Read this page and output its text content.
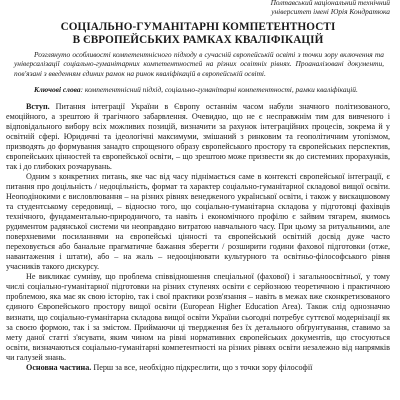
Полтавський національний технічний
університет імені Юрія Кондратюка
СОЦІАЛЬНО-ГУМАНІТАРНІ КОМПЕТЕНТНОСТІ
В ЄВРОПЕЙСЬКИХ РАМКАХ КВАЛІФІКАЦІЙ

Розглянуто особливості компетентнісного підходу в сучасній європейській освіті з точки зору включення та універсалізації соціально-гуманітарних компетентностей на різних освітніх рівнях. Проаналізовані документи, пов'язані з введенням єдиних рамок на ринок кваліфікацій в європейській освіті.

Ключові слова: компетентнісний підхід, соціально-гуманітарні компетентності, рамки кваліфікацій.

Вступ. Питання інтеграції України в Європу останнім часом набули значного політизованого, емоційного, а зрештою й трагічного забарвлення. Очевидно, що не є несправжнім тим для вивченого і відповідального вибору всіх можливих позицій, визначити за рахунок інтеграційних процесів, зокрема й у освітній сфері. Юридичні та ідеологічні максимуми, змішаний з ринковим та геополітичним утопізмом, призводять до формування занадто спрощеного образу європейського простору та європейських перспектив, європейських цінностей та європейської освіти, – що зрештою може призвести як до системних прорахунків, так і до глибоких розчарувань.

Одним з конкретних питань, яке час від часу піднімається саме в контексті європейської інтеграції, є питання про доцільність / недоцільність, формат та характер соціально-гуманітарної складової вищої освіти. Неоподінокими є висловлювання – на різних рівнях венедженого української освіти, і також у вискацшовому та студентському середовищі, – відносно того, що соціально-гуманітарна складова у підготовці фахівців технічного, фундаментально-природничого, та навіть і економічного профілю є зайвим тягарем, якимось рудиментом радянської системи чи неоправдано витратою навчального часу. При цьому за ритуальними, але поверхневими посиланнями на європейські цінності та європейський освітній досвід дуже часто переховується або банальне прагматичне бажання зберегти / розширити години фахової підготовки (отже, навантаження і штати), або – на жаль – недооцінювати культурного та освітньо-філософського рівня учасників такого дискурсу.

Не викликає сумніву, що проблема співвідношення спеціальної (фахової) і загальноосвітньої, у тому числі соціально-гуманітарної підготовки на різних ступенях освіти є серйозною теоретичною і практичною проблемою, яка має як свою історію, так і свої практики розв'язання – навіть в межах вже сконкретизованого єдиного Європейського простору вищої освіти (European Higher Education Area). Також слід однозначно визнати, що соціально-гуманітарна складова вищої освіти України сьогодні потребує суттєвої модернізації як за своєю формою, так і за змістом. Приймаючи ці твердження без їх детального обґрунтування, ставимо за мету даної статті з'ясувати, яким чином на рівні нормативних європейських документів, що стосуються освіти, визначаються соціально-гуманітарні компетентності на різних рівнях освіти незалежно від напрямків чи галузей знань.

Основна частина. Перш за все, необхідно підкреслити, що з точки зору філософії
